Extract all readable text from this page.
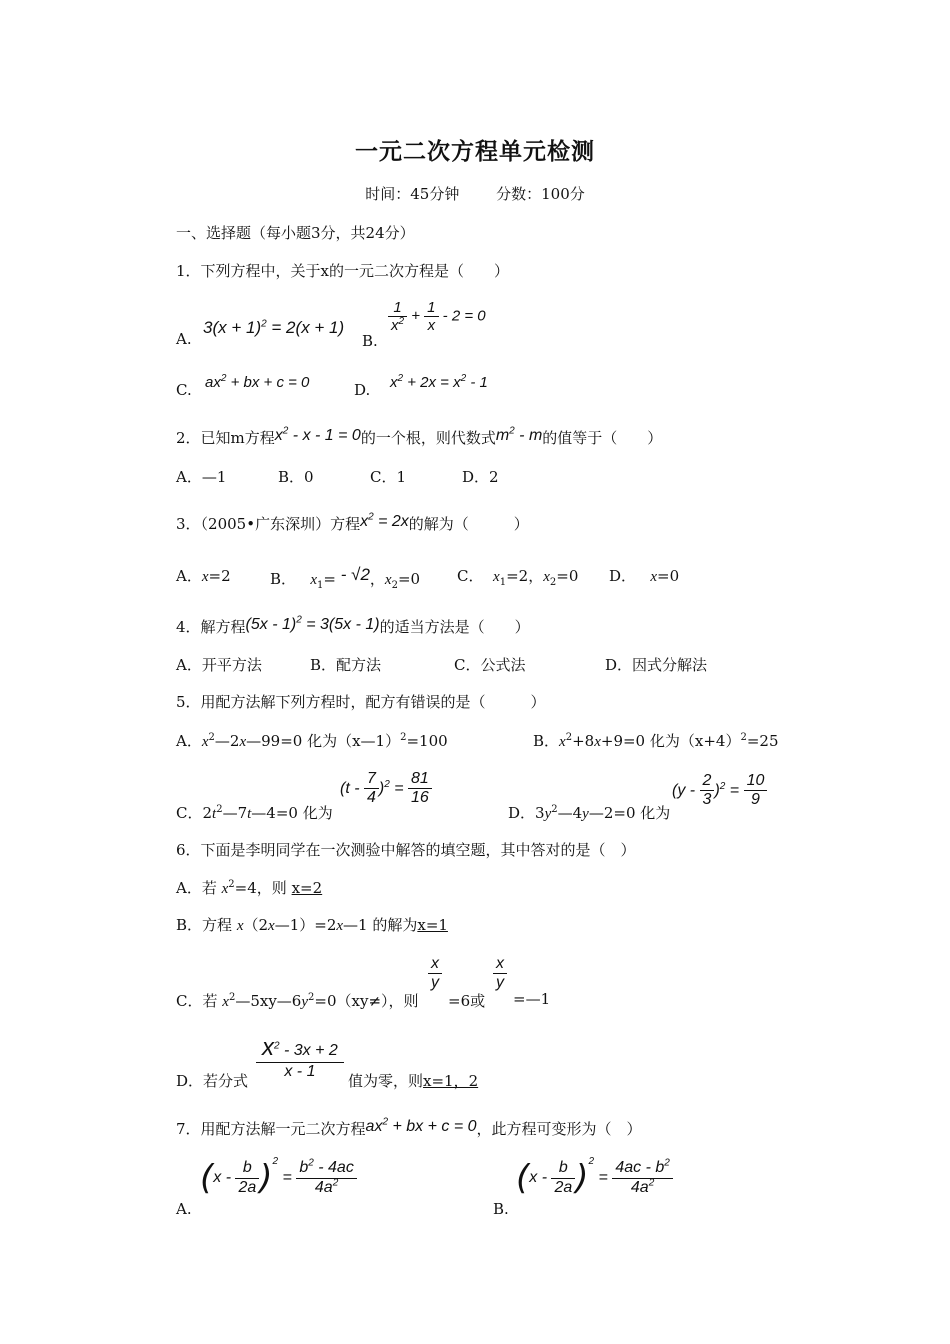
一元二次方程单元检测
时间：45分钟 分数：100分
一、选择题（每小题3分，共24分）
1．下列方程中，关于x的一元二次方程是（　　）
A.
$3(x + 1)^2 = 2(x + 1)$
B.
$\frac{1}{x^2} + \frac{1}{x} - 2 = 0$
C. $ax^2$ + bx + c = 0	D. $x^2 + 2x = x^2 - 1$
2．已知m方程$x^2 - x - 1 = 0$的一个根，则代数式$m^2$ - m的值等于（　　）
A．—1	B．0	C．1	D．2
3．（2005•广东深圳）方程$x^2 = 2x$的解为（　　　）
A．x=2	B． $x_1= - √2$，$x_2=0$ C． $x_1=2$，$x_2=0$ D． x=0
4．解方程(5x - 1)$^2$ = 3(5x - 1)的适当方法是（　　）
A．开平方法	B．配方法	C．公式法	D．因式分解法
5．用配方法解下列方程时，配方有错误的是（　　　）
A．$x^2—2x—99=0$ 化为（x—1）$^2$=100	B．$x^2+8x+9=0$ 化为$(x+4)^2=25$
C．$2t^2—7t—4=0$ 化为
$(t - \frac{7}{4} )^2 = \frac{81}{16}$
D．$3y^2—4y—2=0$ 化为
$(y - \frac{2}{3} )^2 = \frac{10}{9}$
6．下面是李明同学在一次测验中解答的填空题，其中答对的是（　）
A．若 $x^2=4$，则 x=2
B．方程 x（2x—1）=2x—1 的解为x=1
C．若 $x^2—5xy—6y^2=0(xy\ne)$，则
$\frac{x}{y}$
=6或
$\frac{x}{y}$
=—1
D．若分式
$\frac{x^2 - 3x + 2}{x - 1}$
值为零，则x=1，2
7．用配方法解一元二次方程$ax^2$ + bx + c = 0，此方程可变形为（　）
A.
$(x - \frac{b}{2a} )^2 = \frac{b^2 - 4ac}{4a^2}$
B.
$(x - \frac{b}{2a} )^2 = \frac{4ac - b^2}{4a^2}$
